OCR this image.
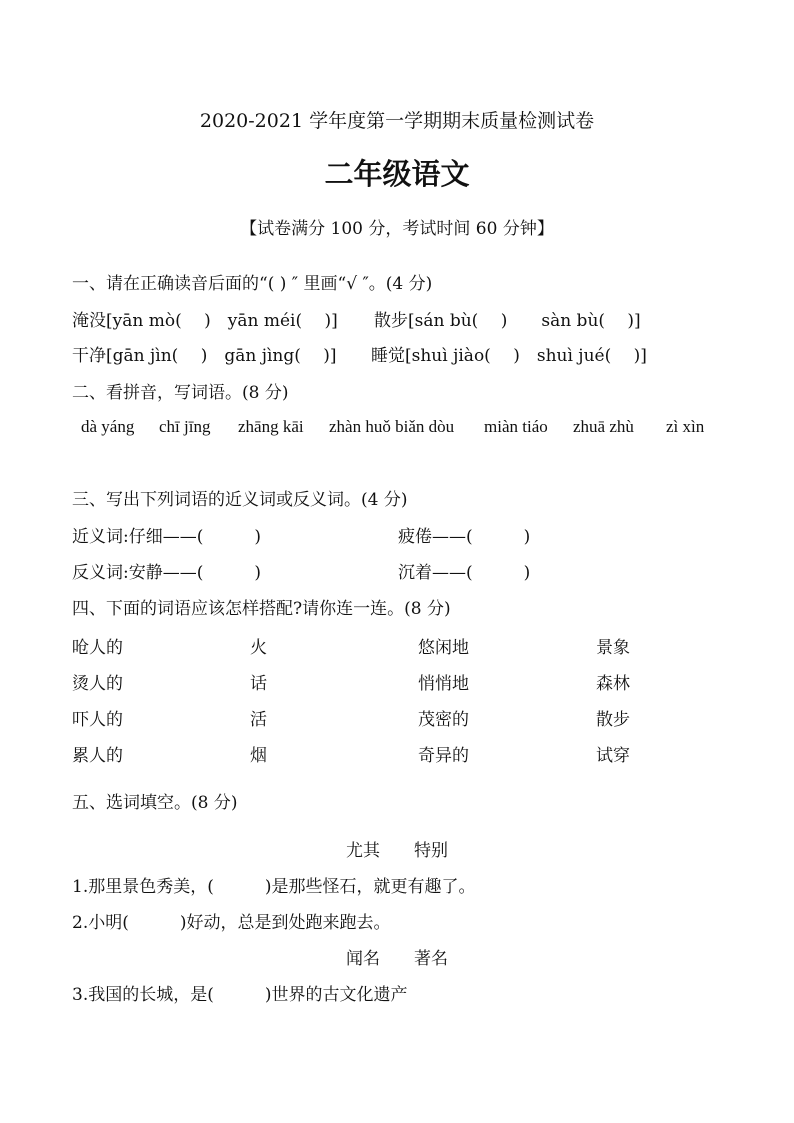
2020-2021 学年度第一学期期末质量检测试卷
二年级语文
【试卷满分 100 分，考试时间 60 分钟】
一、请在正确读音后面的“( ) ″ 里画“√ ″。(4 分)
淹没[yān mò(　 )　yān méi(　 )] 散步[sán bù(　 )　　sàn bù(　 )]
干净[gān jìn(　 )　gān jìng(　 )] 睡觉[shuì jiào(　 )　shuì jué(　 )]
二、看拼音，写词语。(8 分)
dà yáng chī jīng zhāng kāi zhàn huǒ biǎn dòu miàn tiáo zhuā zhù zì xìn
三、写出下列词语的近义词或反义词。(4 分)
近义词:仔细——(　　　)	疲倦——(　　　)
反义词:安静——(　　　)	沉着——(　　　)
四、下面的词语应该怎样搭配?请你连一连。(8 分)
呛人的	火	悠闲地	景象
烫人的	话	悄悄地	森林
吓人的	活	茂密的	散步
累人的	烟	奇异的	试穿
五、选词填空。(8 分)
尤其　　特别
1.那里景色秀美，(　　　)是那些怪石，就更有趣了。
2.小明(　　　)好动，总是到处跑来跑去。
闻名　　著名
3.我国的长城，是(　　　)世界的古文化遗产
